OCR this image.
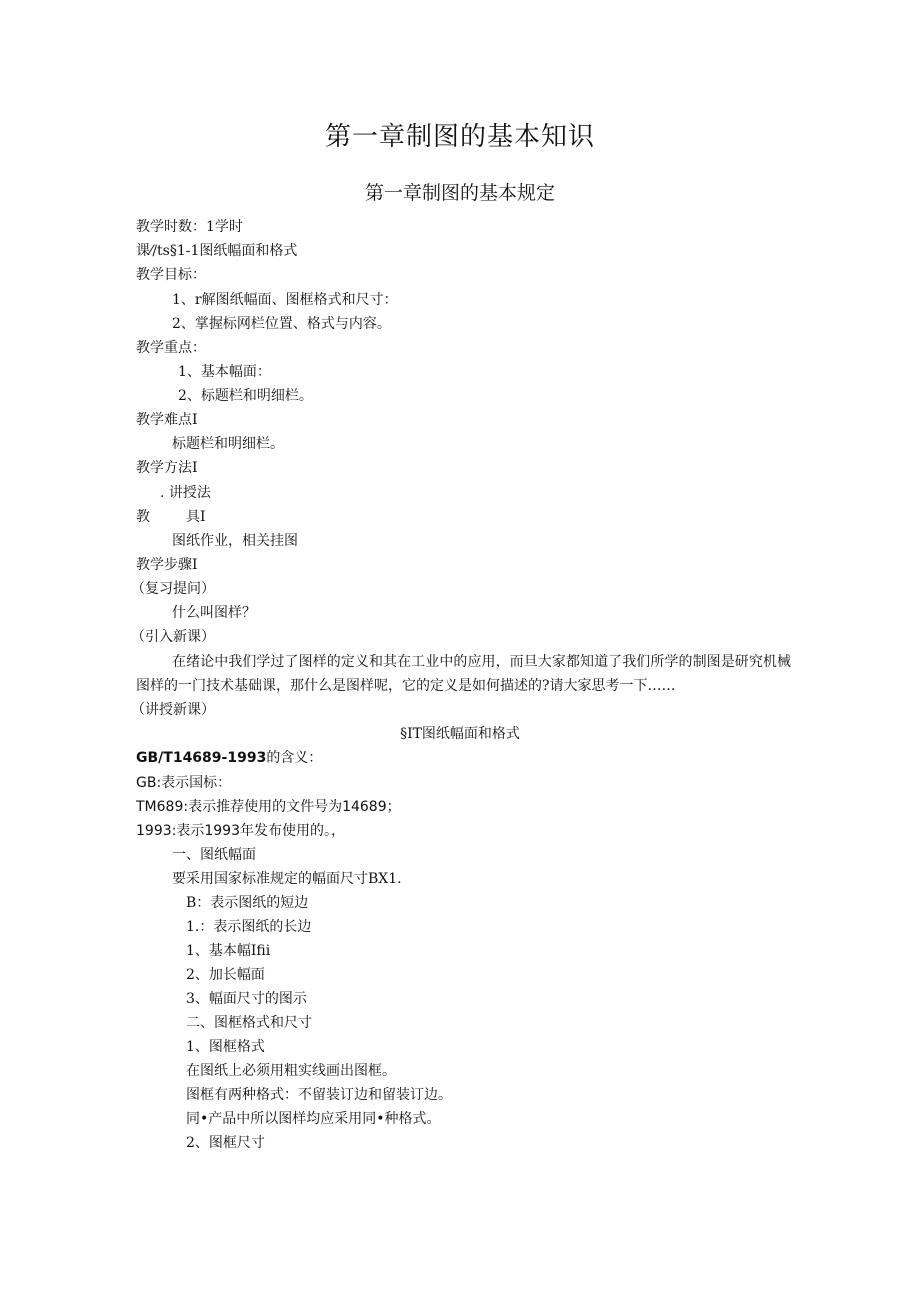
第一章制图的基本知识
第一章制图的基本规定
教学时数：1学时
课⁄​∕ts§1-1图纸幅面和格式
教学目标：
1、r解图纸幅面、图框格式和尺寸：
2、掌握标网栏位置、格式与内容。
教学重点：
1、基本幅面：
2、标题栏和明细栏。
教学难点I
标题栏和明细栏。
教学方法I
. 讲授法
教	具I
图纸作业，相关挂图
教学步骤I
（复习提问）
什么叫图样？
（引入新课）
在绪论中我们学过了图样的定义和其在工业中的应用，而旦大家都知道了我们所学的制图是研究机械图样的一门技术基础课，那什么是图样呢，它的定义是如何描述的?请大家思考一下……
（讲授新课）
§IT图纸幅面和格式
GB/T14689-1993的含义：
GB:表示国标：
TM689:表示推荐使用的文件号为14689；
1993:表示1993年发布使用的。，
一、图纸幅面
要采用国家标准规定的幅面尺寸BX1.
B：表示图纸的短边
1.：表示图纸的长边
1、基本幅Ifii
2、加长幅面
3、幅面尺寸的图示
二、图框格式和尺寸
1、图框格式
在图纸上必须用粗实线画出图框。
图框有两种格式：不留装订边和留装订边。
同•产品中所以图样均应采用同•种格式。
2、图框尺寸
